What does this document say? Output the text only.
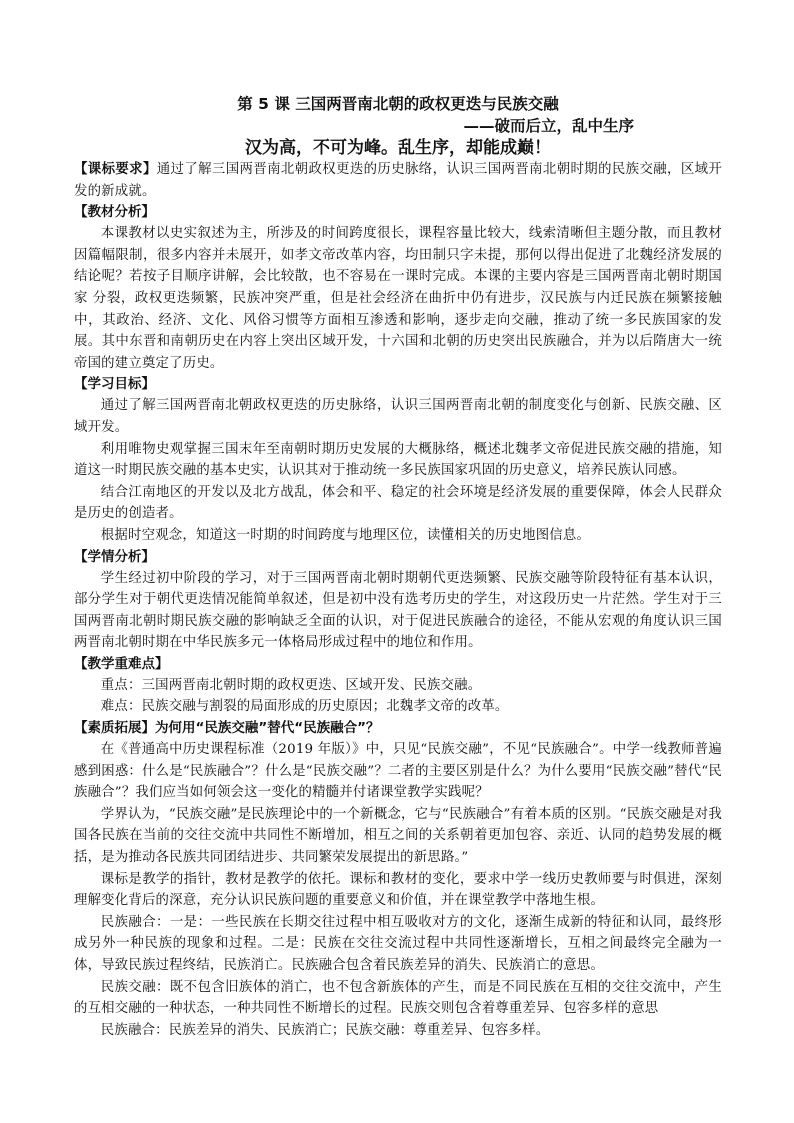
第 5 课 三国两晋南北朝的政权更迭与民族交融

——破而后立，乱中生序

汉为高，不可为峰。乱生序，却能成巅！

【课标要求】通过了解三国两晋南北朝政权更迭的历史脉络，认识三国两晋南北朝时期的民族交融，区域开发的新成就。

【教材分析】

本课教材以史实叙述为主，所涉及的时间跨度很长，课程容量比较大，线索清晰但主题分散，而且教材因篇幅限制，很多内容并未展开，如孝文帝改革内容，均田制只字未提，那何以得出促进了北魏经济发展的结论呢？若按子目顺序讲解，会比较散，也不容易在一课时完成。本课的主要内容是三国两晋南北朝时期国家 分裂，政权更迭频繁，民族冲突严重，但是社会经济在曲折中仍有进步，汉民族与内迁民族在频繁接触中，其政治、经济、文化、风俗习惯等方面相互渗透和影响，逐步走向交融，推动了统一多民族国家的发展。其中东晋和南朝历史在内容上突出区域开发，十六国和北朝的历史突出民族融合，并为以后隋唐大一统帝国的建立奠定了历史。

【学习目标】

通过了解三国两晋南北朝政权更迭的历史脉络，认识三国两晋南北朝的制度变化与创新、民族交融、区域开发。

利用唯物史观掌握三国末年至南朝时期历史发展的大概脉络，概述北魏孝文帝促进民族交融的措施，知道这一时期民族交融的基本史实，认识其对于推动统一多民族国家巩固的历史意义，培养民族认同感。

结合江南地区的开发以及北方战乱，体会和平、稳定的社会环境是经济发展的重要保障，体会人民群众是历史的创造者。

根据时空观念，知道这一时期的时间跨度与地理区位，读懂相关的历史地图信息。

【学情分析】

学生经过初中阶段的学习，对于三国两晋南北朝时期朝代更迭频繁、民族交融等阶段特征有基本认识，部分学生对于朝代更迭情况能简单叙述，但是初中没有选考历史的学生，对这段历史一片茫然。学生对于三国两晋南北朝时期民族交融的影响缺乏全面的认识，对于促进民族融合的途径，不能从宏观的角度认识三国两晋南北朝时期在中华民族多元一体格局形成过程中的地位和作用。

【教学重难点】

重点：三国两晋南北朝时期的政权更迭、区域开发、民族交融。

难点：民族交融与割裂的局面形成的历史原因；北魏孝文帝的改革。

【素质拓展】为何用“民族交融”替代“民族融合”？

在《普通高中历史课程标准（2019 年版）》中，只见“民族交融”，不见“民族融合”。中学一线教师普遍感到困惑：什么是“民族融合”？什么是“民族交融”？二者的主要区别是什么？为什么要用“民族交融”替代“民族融合”？我们应当如何领会这一变化的精髓并付诸课堂教学实践呢？

学界认为，“民族交融”是民族理论中的一个新概念，它与“民族融合”有着本质的区别。“民族交融是对我国各民族在当前的交往交流中共同性不断增加，相互之间的关系朝着更加包容、亲近、认同的趋势发展的概括，是为推动各民族共同团结进步、共同繁荣发展提出的新思路。”

课标是教学的指针，教材是教学的依托。课标和教材的变化，要求中学一线历史教师要与时俱进，深刻理解变化背后的深意，充分认识民族问题的重要意义和价值，并在课堂教学中落地生根。

民族融合：一是：一些民族在长期交往过程中相互吸收对方的文化，逐渐生成新的特征和认同，最终形成另外一种民族的现象和过程。二是：民族在交往交流过程中共同性逐渐增长，互相之间最终完全融为一体，导致民族过程终结，民族消亡。民族融合包含着民族差异的消失、民族消亡的意思。

民族交融：既不包含旧族体的消亡，也不包含新族体的产生，而是不同民族在互相的交往交流中，产生的互相交融的一种状态，一种共同性不断增长的过程。民族交则包含着尊重差异、包容多样的意思

民族融合：民族差异的消失、民族消亡；民族交融：尊重差异、包容多样。
